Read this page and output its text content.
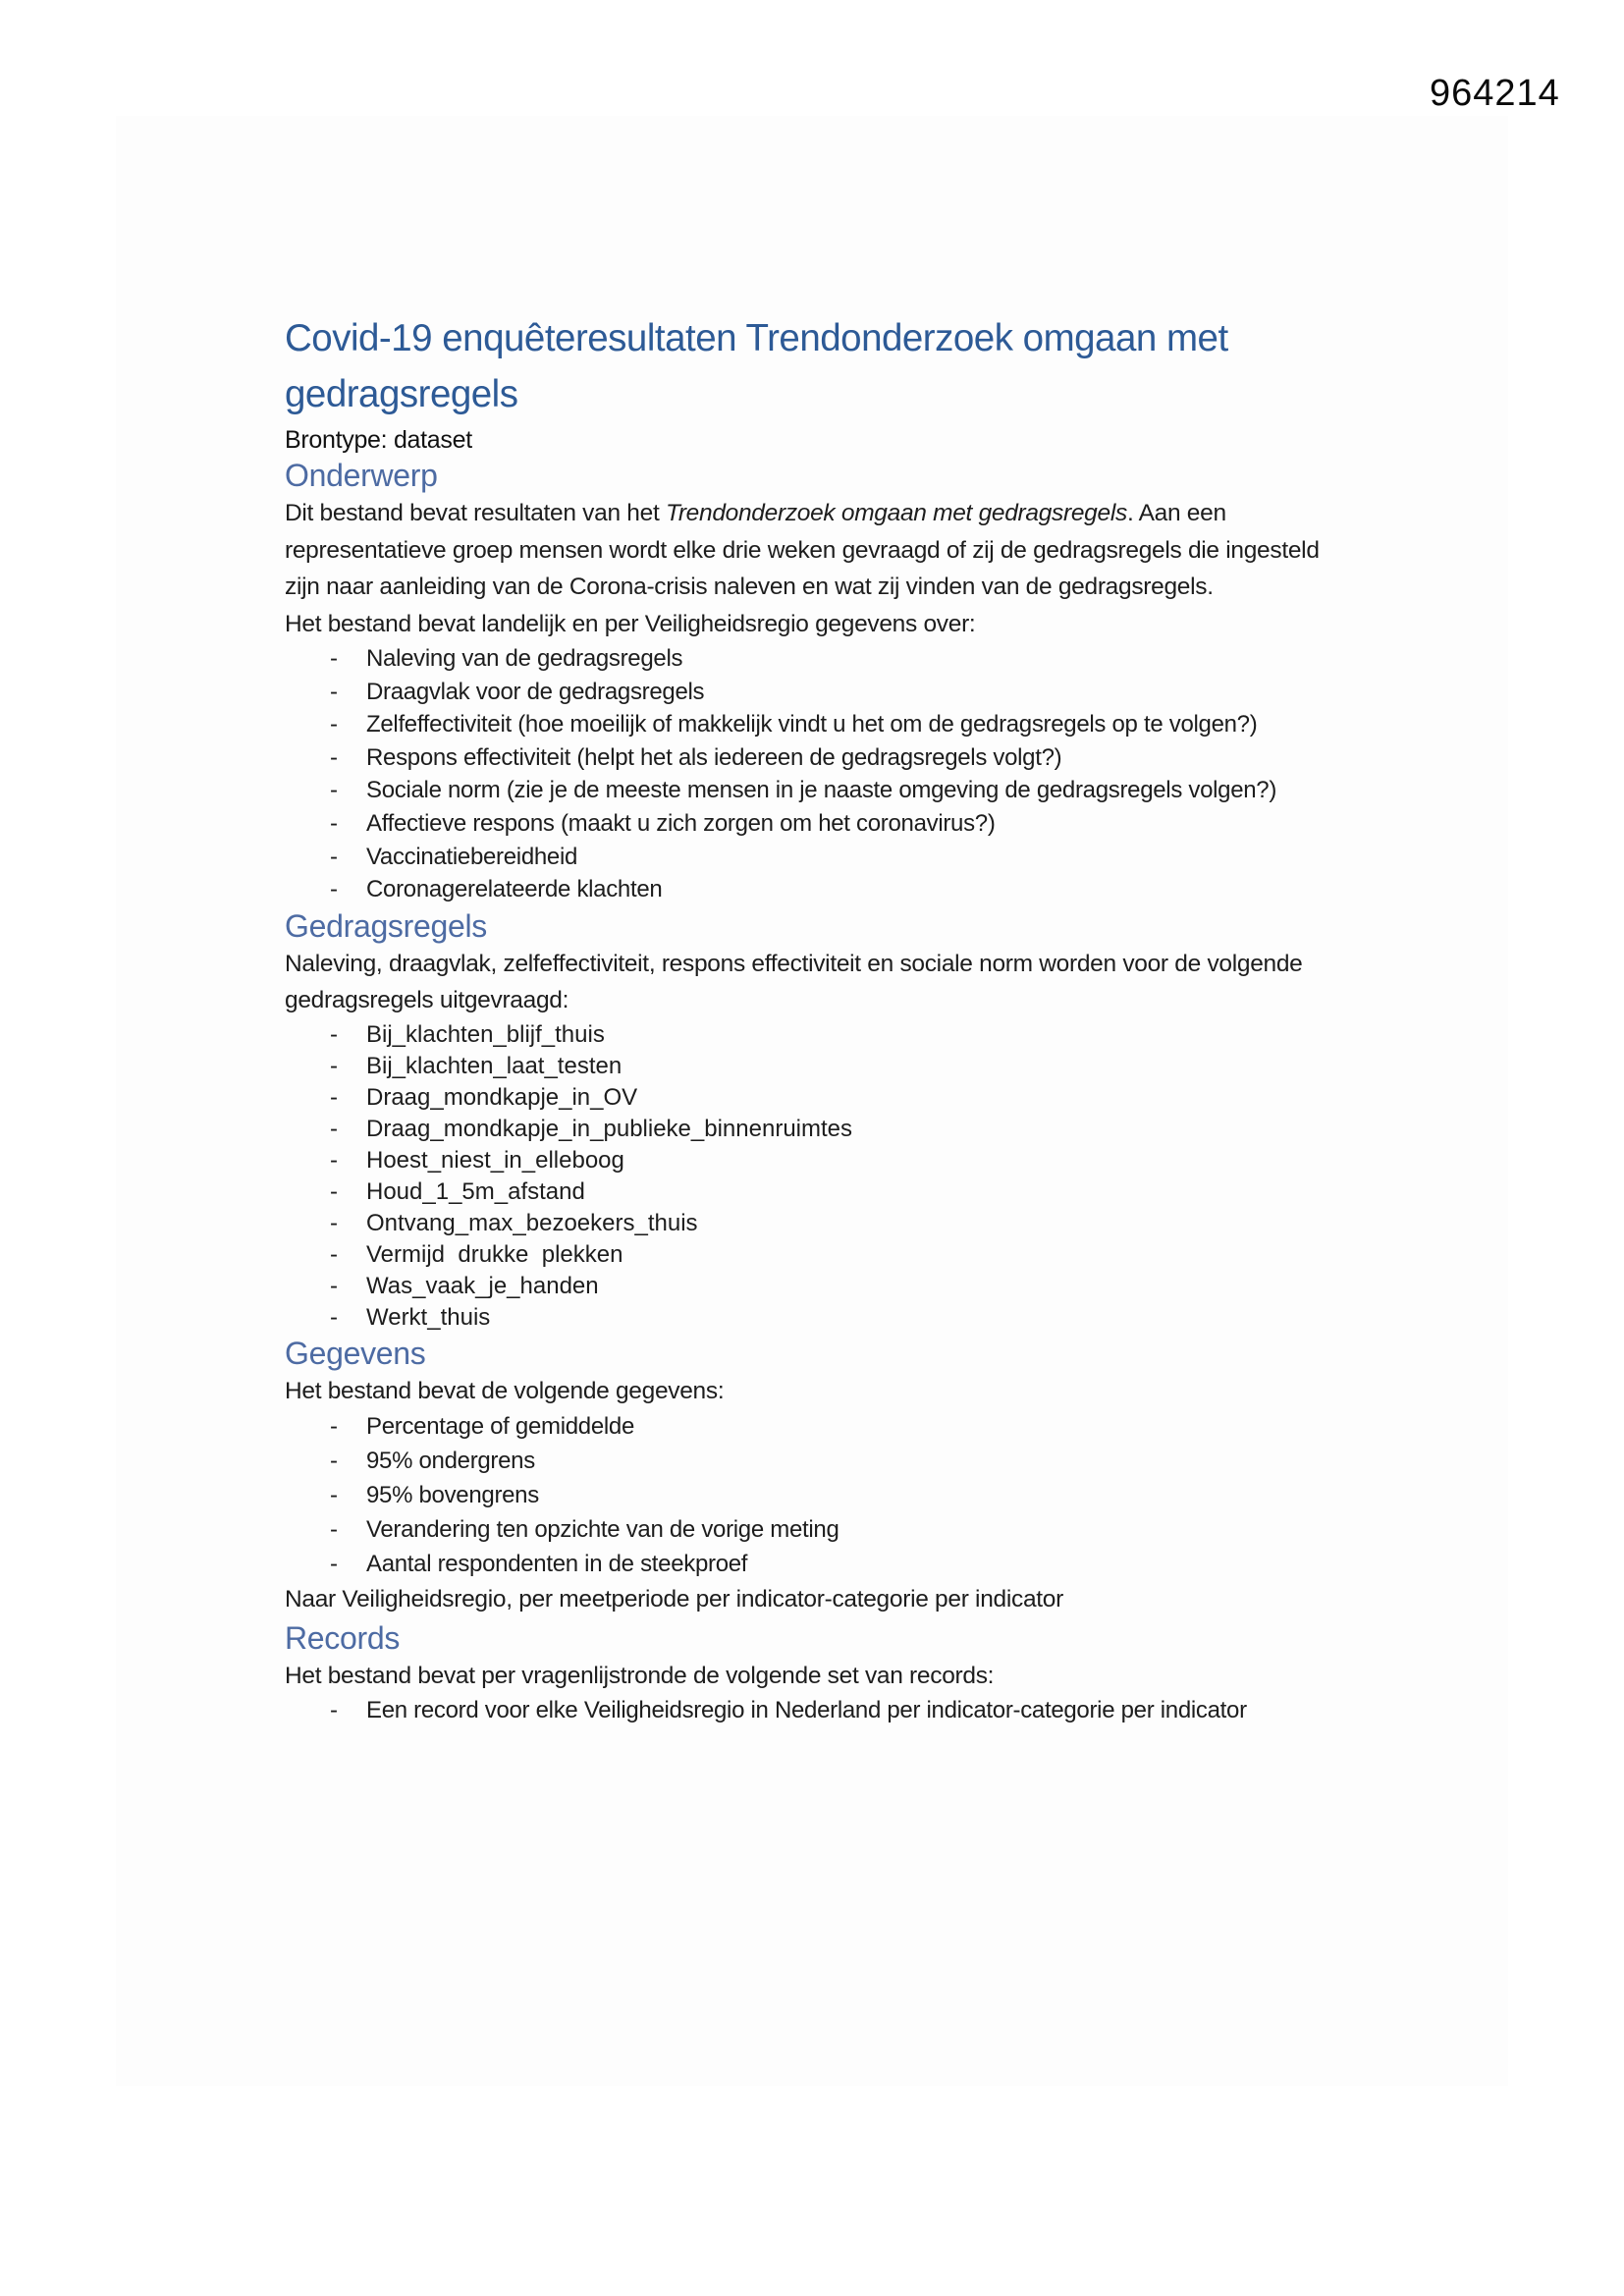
964214
Covid-19 enquêteresultaten Trendonderzoek omgaan met gedragsregels

Brontype: dataset

Onderwerp

Dit bestand bevat resultaten van het Trendonderzoek omgaan met gedragsregels. Aan een representatieve groep mensen wordt elke drie weken gevraagd of zij de gedragsregels die ingesteld zijn naar aanleiding van de Corona-crisis naleven en wat zij vinden van de gedragsregels.

Het bestand bevat landelijk en per Veiligheidsregio gegevens over:

- Naleving van de gedragsregels
- Draagvlak voor de gedragsregels
- Zelfeffectiviteit (hoe moeilijk of makkelijk vindt u het om de gedragsregels op te volgen?)
- Respons effectiviteit (helpt het als iedereen de gedragsregels volgt?)
- Sociale norm (zie je de meeste mensen in je naaste omgeving de gedragsregels volgen?)
- Affectieve respons (maakt u zich zorgen om het coronavirus?)
- Vaccinatiebereidheid
- Coronagerelateerde klachten
Gedragsregels

Naleving, draagvlak, zelfeffectiviteit, respons effectiviteit en sociale norm worden voor de volgende gedragsregels uitgevraagd:

- Bij_klachten_blijf_thuis
- Bij_klachten_laat_testen
- Draag_mondkapje_in_OV
- Draag_mondkapje_in_publieke_binnenruimtes
- Hoest_niest_in_elleboog
- Houd_1_5m_afstand
- Ontvang_max_bezoekers_thuis
- Vermijd  drukke  plekken
- Was_vaak_je_handen
- Werkt_thuis
Gegevens

Het bestand bevat de volgende gegevens:

- Percentage of gemiddelde
- 95% ondergrens
- 95% bovengrens
- Verandering ten opzichte van de vorige meting
- Aantal respondenten in de steekproef

Naar Veiligheidsregio, per meetperiode per indicator-categorie per indicator

Records

Het bestand bevat per vragenlijstronde de volgende set van records:

- Een record voor elke Veiligheidsregio in Nederland per indicator-categorie per indicator
